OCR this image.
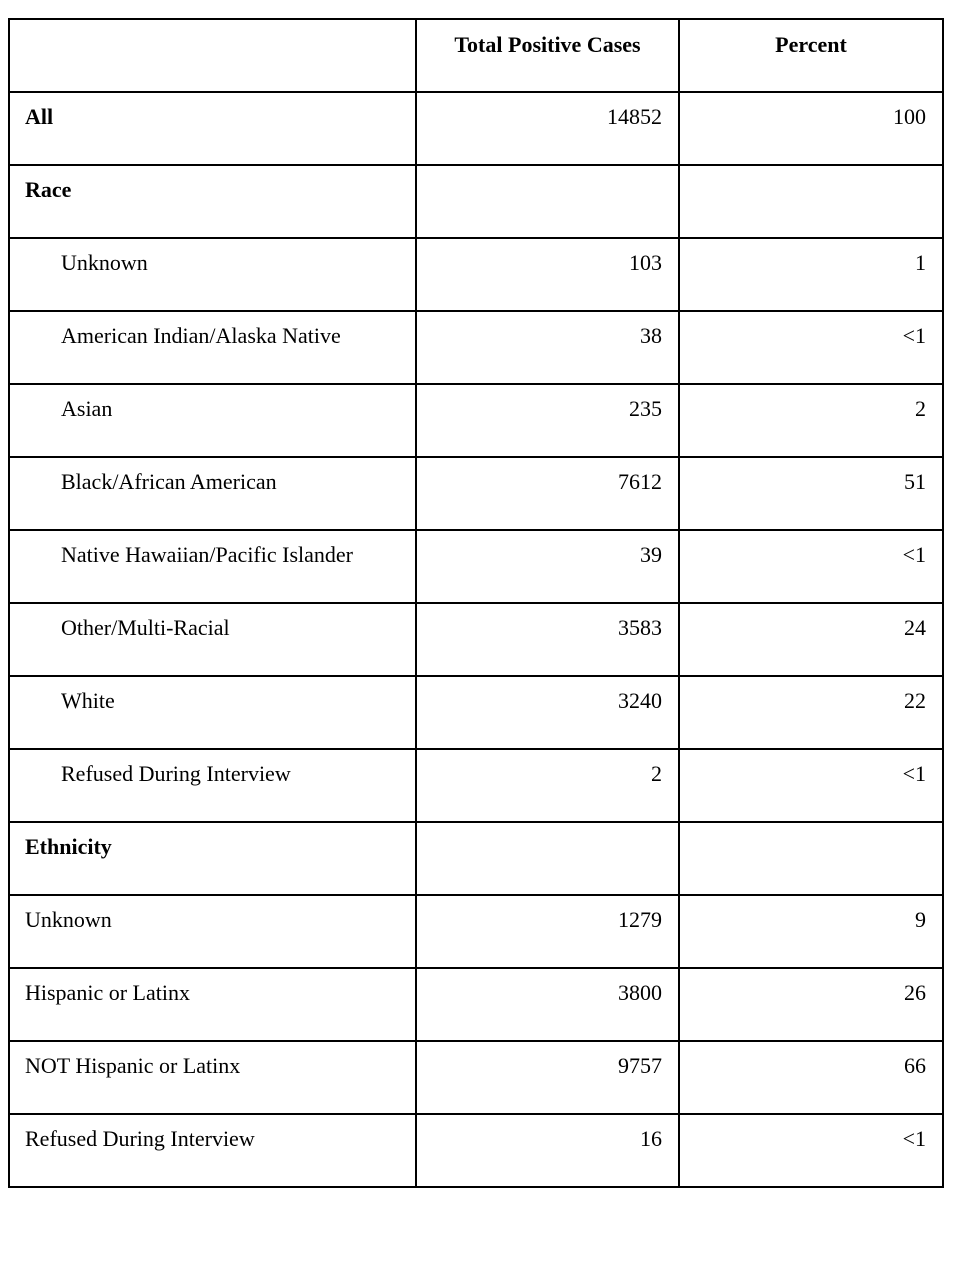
	Total Positive Cases	Percent
All	14852	100
Race		
Unknown	103	1
American Indian/Alaska Native	38	<1
Asian	235	2
Black/African American	7612	51
Native Hawaiian/Pacific Islander	39	<1
Other/Multi-Racial	3583	24
White	3240	22
Refused During Interview	2	<1
Ethnicity		
Unknown	1279	9
Hispanic or Latinx	3800	26
NOT Hispanic or Latinx	9757	66
Refused During Interview	16	<1
